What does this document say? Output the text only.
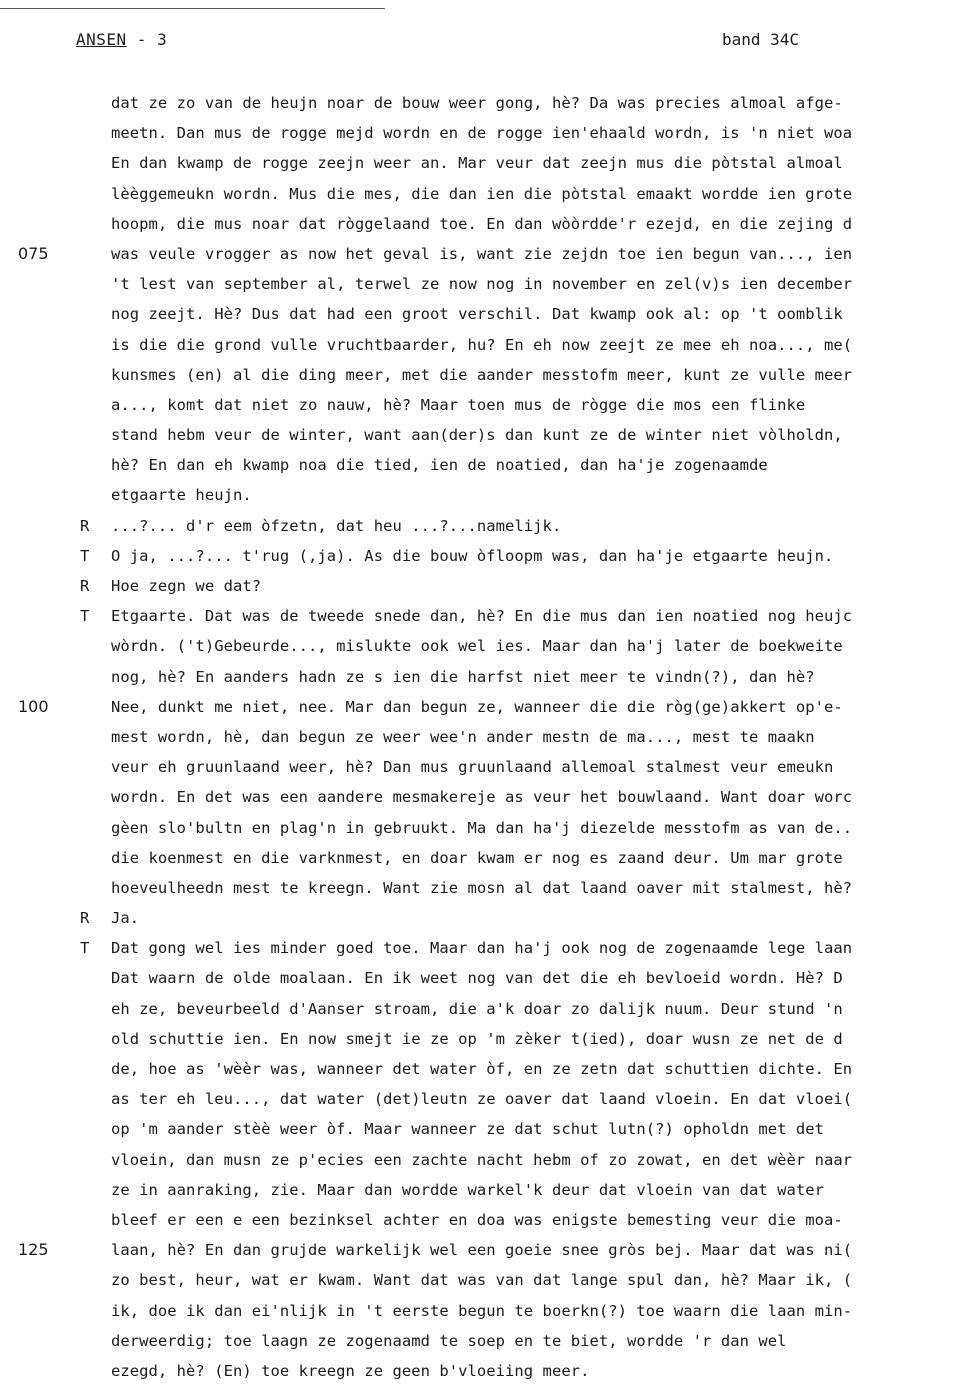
ANSEN - 3	band 34C
dat ze zo van de heujn noar de bouw weer gong, hè? Da was precies almoal afge-
meetn. Dan mus de rogge mejd wordn en de rogge ien'ehaald wordn, is 'n niet woa
En dan kwamp de rogge zeejn weer an. Mar veur dat zeejn mus die pòtstal almoal
lèèggemeukn wordn. Mus die mes, die dan ien die pòtstal emaakt wordde ien grote
hoopm, die mus noar dat ròggelaand toe. En dan wòòrdde'r ezejd, en die zejing d
075	was veule vrogger as now het geval is, want zie zejdn toe ien begun van..., ien
't lest van september al, terwel ze now nog in november en zel(v)s ien december
nog zeejt. Hè? Dus dat had een groot verschil. Dat kwamp ook al: op 't oomblik
is die die grond vulle vruchtbaarder, hu? En eh now zeejt ze mee eh noa..., me(
kunsmes (en) al die ding meer, met die aander messtofm meer, kunt ze vulle meer
a..., komt dat niet zo nauw, hè? Maar toen mus de rògge die mos een flinke
stand hebm veur de winter, want aan(der)s dan kunt ze de winter niet vòlholdn,
hè? En dan eh kwamp noa die tied, ien de noatied, dan ha'je zogenaamde
etgaarte heujn.
R ...?... d'r eem òfzetn, dat heu ...?...namelijk.
T O ja, ...?... t'rug (,ja). As die bouw òfloopm was, dan ha'je etgaarte heujn.
R Hoe zegn we dat?
T Etgaarte. Dat was de tweede snede dan, hè? En die mus dan ien noatied nog heujc
wòrdn. ('t)Gebeurde..., mislukte ook wel ies. Maar dan ha'j later de boekweite
nog, hè? En aanders hadn ze s ien die harfst niet meer te vindn(?), dan hè?
100	Nee, dunkt me niet, nee. Mar dan begun ze, wanneer die die ròg(ge)akkert op'e-
mest wordn, hè, dan begun ze weer wee'n ander mestn de ma..., mest te maakn
veur eh gruunlaand weer, hè? Dan mus gruunlaand allemoal stalmest veur emeukn
wordn. En det was een aandere mesmakereje as veur het bouwlaand. Want doar worc
gèen slo'bultn en plag'n in gebruukt. Ma dan ha'j diezelde messtofm as van de..
die koenmest en die varknmest, en doar kwam er nog es zaand deur. Um mar grote
hoeveulheedn mest te kreegn. Want zie mosn al dat laand oaver mit stalmest, hè?
R Ja.
T Dat gong wel ies minder goed toe. Maar dan ha'j ook nog de zogenaamde lege laan
Dat waarn de olde moalaan. En ik weet nog van det die eh bevloeid wordn. Hè? D
eh ze, beveurbeeld d'Aanser stroam, die a'k doar zo dalijk nuum. Deur stund 'n
old schuttie ien. En now smejt ie ze op 'm zèker t(ied), doar wusn ze net de d
de, hoe as 'wèèr was, wanneer det water òf, en ze zetn dat schuttien dichte. En
as ter eh leu..., dat water (det)leutn ze oaver dat laand vloein. En dat vloei(
op 'm aander stèè weer òf. Maar wanneer ze dat schut lutn(?) opholdn met det
vloein, dan musn ze p'ecies een zachte nacht hebm of zo zowat, en det wèèr naar
ze in aanraking, zie. Maar dan wordde warkel'k deur dat vloein van dat water
bleef er een e een bezinksel achter en doa was enigste bemesting veur die moa-
125	laan, hè? En dan grujde warkelijk wel een goeie snee gròs bej. Maar dat was ni(
zo best, heur, wat er kwam. Want dat was van dat lange spul dan, hè? Maar ik, (
ik, doe ik dan ei'nlijk in 't eerste begun te boerkn(?) toe waarn die laan min-
derweerdig; toe laagn ze zogenaamd te soep en te biet, wordde 'r dan wel
ezegd, hè? (En) toe kreegn ze geen b'vloeiing meer.
